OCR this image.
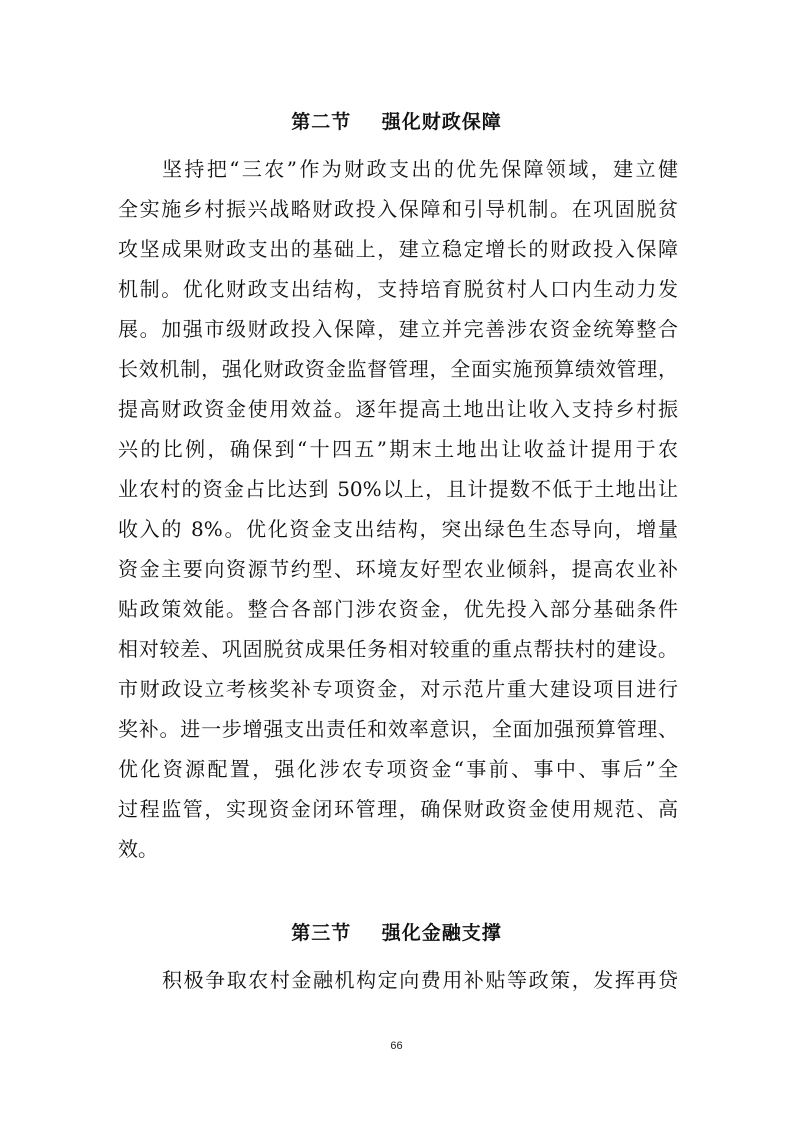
第二节    强化财政保障
坚持把“三农”作为财政支出的优先保障领域，建立健
全实施乡村振兴战略财政投入保障和引导机制。在巩固脱贫
攻坚成果财政支出的基础上，建立稳定增长的财政投入保障
机制。优化财政支出结构，支持培育脱贫村人口内生动力发
展。加强市级财政投入保障，建立并完善涉农资金统筹整合
长效机制，强化财政资金监督管理，全面实施预算绩效管理，
提高财政资金使用效益。逐年提高土地出让收入支持乡村振
兴的比例，确保到“十四五”期末土地出让收益计提用于农
业农村的资金占比达到 50%以上，且计提数不低于土地出让
收入的 8%。优化资金支出结构，突出绿色生态导向，增量
资金主要向资源节约型、环境友好型农业倾斜，提高农业补
贴政策效能。整合各部门涉农资金，优先投入部分基础条件
相对较差、巩固脱贫成果任务相对较重的重点帮扶村的建设。
市财政设立考核奖补专项资金，对示范片重大建设项目进行
奖补。进一步增强支出责任和效率意识，全面加强预算管理、
优化资源配置，强化涉农专项资金“事前、事中、事后”全
过程监管，实现资金闭环管理，确保财政资金使用规范、高
效。
第三节    强化金融支撑
积极争取农村金融机构定向费用补贴等政策，发挥再贷
66
